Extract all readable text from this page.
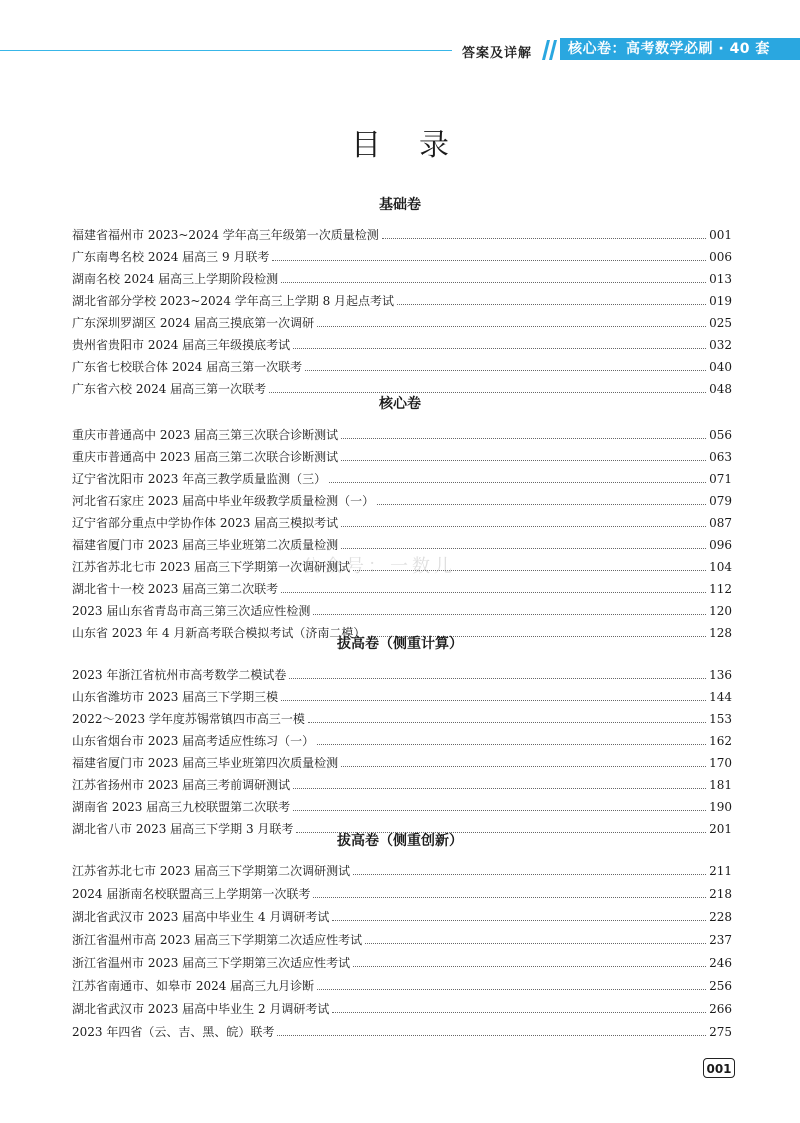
答案及详解	核心卷：高考数学必刷 · 40 套
目录
公众号：一数儿
基础卷
福建省福州市 2023~2024 学年高三年级第一次质量检测	001
广东南粤名校 2024 届高三 9 月联考	006
湖南名校 2024 届高三上学期阶段检测	013
湖北省部分学校 2023~2024 学年高三上学期 8 月起点考试	019
广东深圳罗湖区 2024 届高三摸底第一次调研	025
贵州省贵阳市 2024 届高三年级摸底考试	032
广东省七校联合体 2024 届高三第一次联考	040
广东省六校 2024 届高三第一次联考	048
核心卷
重庆市普通高中 2023 届高三第三次联合诊断测试	056
重庆市普通高中 2023 届高三第二次联合诊断测试	063
辽宁省沈阳市 2023 年高三教学质量监测（三）	071
河北省石家庄 2023 届高中毕业年级教学质量检测（一）	079
辽宁省部分重点中学协作体 2023 届高三模拟考试	087
福建省厦门市 2023 届高三毕业班第二次质量检测	096
江苏省苏北七市 2023 届高三下学期第一次调研测试	104
湖北省十一校 2023 届高三第二次联考	112
2023 届山东省青岛市高三第三次适应性检测	120
山东省 2023 年 4 月新高考联合模拟考试（济南二模）	128
拔高卷（侧重计算）
2023 年浙江省杭州市高考数学二模试卷	136
山东省潍坊市 2023 届高三下学期三模	144
2022～2023 学年度苏锡常镇四市高三一模	153
山东省烟台市 2023 届高考适应性练习（一）	162
福建省厦门市 2023 届高三毕业班第四次质量检测	170
江苏省扬州市 2023 届高三考前调研测试	181
湖南省 2023 届高三九校联盟第二次联考	190
湖北省八市 2023 届高三下学期 3 月联考	201
拔高卷（侧重创新）
江苏省苏北七市 2023 届高三下学期第二次调研测试	211
2024 届浙南名校联盟高三上学期第一次联考	218
湖北省武汉市 2023 届高中毕业生 4 月调研考试	228
浙江省温州市高 2023 届高三下学期第二次适应性考试	237
浙江省温州市 2023 届高三下学期第三次适应性考试	246
江苏省南通市、如皋市 2024 届高三九月诊断	256
湖北省武汉市 2023 届高中毕业生 2 月调研考试	266
2023 年四省（云、吉、黑、皖）联考	275
001
